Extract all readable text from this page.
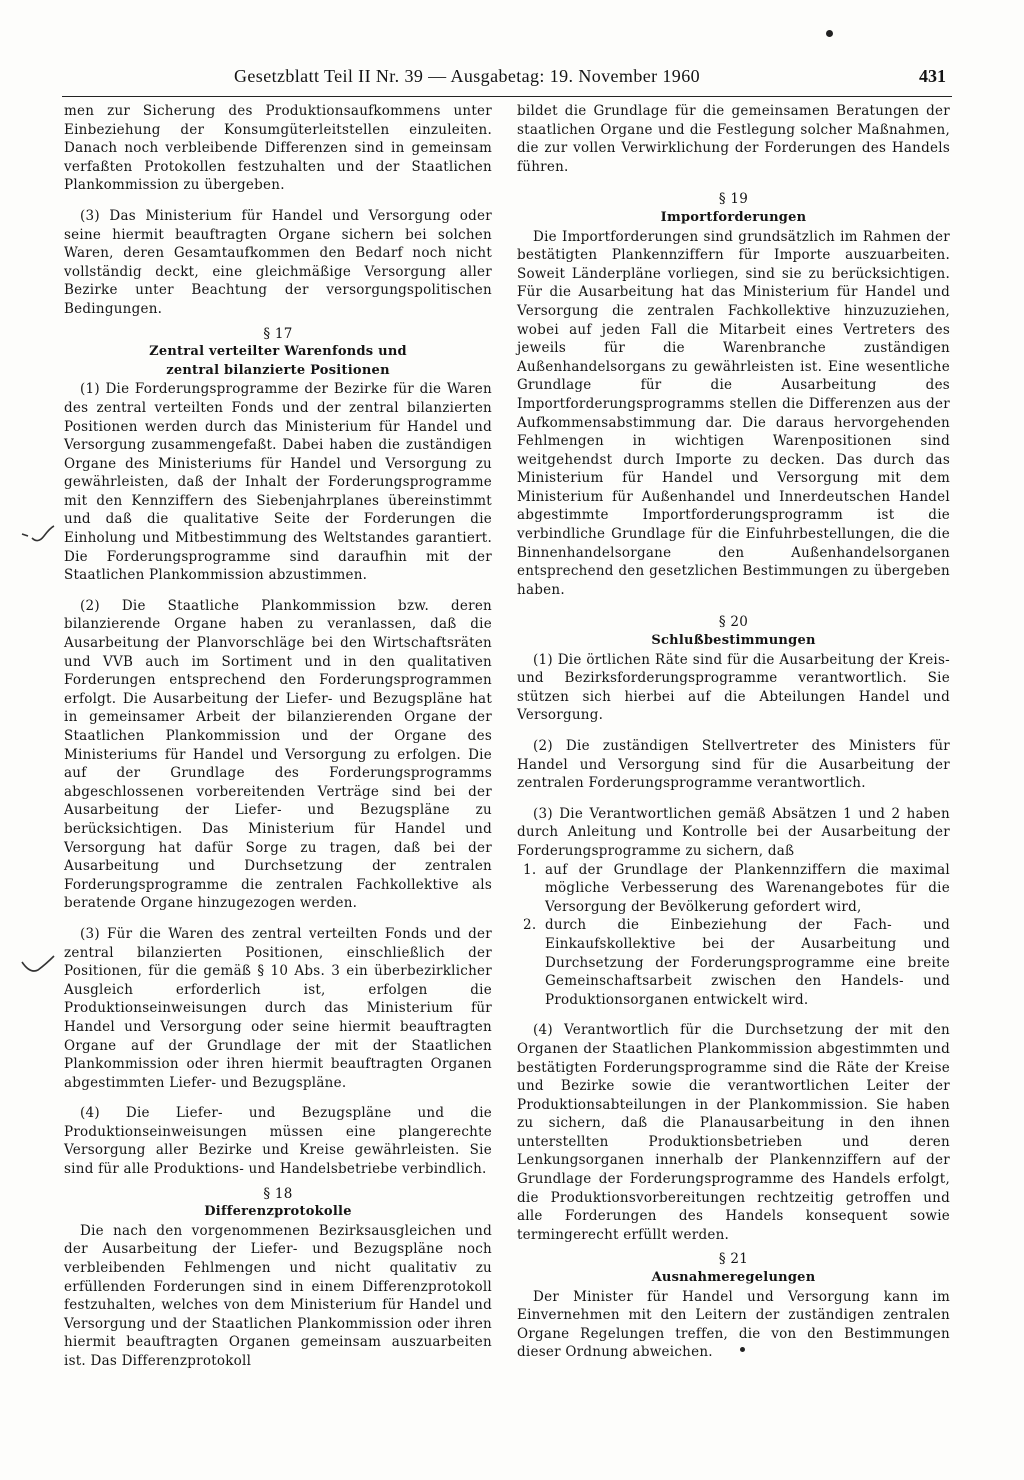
Gesetzblatt Teil II Nr. 39 — Ausgabetag: 19. November 1960	431

men zur Sicherung des Produktionsaufkommens unter Einbeziehung der Konsumgüterleitstellen einzuleiten. Danach noch verbleibende Differenzen sind in gemeinsam verfaßten Protokollen festzuhalten und der Staatlichen Plankommission zu übergeben.

(3) Das Ministerium für Handel und Versorgung oder seine hiermit beauftragten Organe sichern bei solchen Waren, deren Gesamtaufkommen den Bedarf noch nicht vollständig deckt, eine gleichmäßige Versorgung aller Bezirke unter Beachtung der versorgungspolitischen Bedingungen.

§ 17
Zentral verteilter Warenfonds und
zentral bilanzierte Positionen

(1) Die Forderungsprogramme der Bezirke für die Waren des zentral verteilten Fonds und der zentral bilanzierten Positionen werden durch das Ministerium für Handel und Versorgung zusammengefaßt. Dabei haben die zuständigen Organe des Ministeriums für Handel und Versorgung zu gewährleisten, daß der Inhalt der Forderungsprogramme mit den Kennziffern des Siebenjahrplanes übereinstimmt und daß die qualitative Seite der Forderungen die Einholung und Mitbestimmung des Weltstandes garantiert. Die Forderungsprogramme sind daraufhin mit der Staatlichen Plankommission abzustimmen.

(2) Die Staatliche Plankommission bzw. deren bilanzierende Organe haben zu veranlassen, daß die Ausarbeitung der Planvorschläge bei den Wirtschaftsräten und VVB auch im Sortiment und in den qualitativen Forderungen entsprechend den Forderungsprogrammen erfolgt. Die Ausarbeitung der Liefer- und Bezugspläne hat in gemeinsamer Arbeit der bilanzierenden Organe der Staatlichen Plankommission und der Organe des Ministeriums für Handel und Versorgung zu erfolgen. Die auf der Grundlage des Forderungsprogramms abgeschlossenen vorbereitenden Verträge sind bei der Ausarbeitung der Liefer- und Bezugspläne zu berücksichtigen. Das Ministerium für Handel und Versorgung hat dafür Sorge zu tragen, daß bei der Ausarbeitung und Durchsetzung der zentralen Forderungsprogramme die zentralen Fachkollektive als beratende Organe hinzugezogen werden.

(3) Für die Waren des zentral verteilten Fonds und der zentral bilanzierten Positionen, einschließlich der Positionen, für die gemäß § 10 Abs. 3 ein überbezirklicher Ausgleich erforderlich ist, erfolgen die Produktionseinweisungen durch das Ministerium für Handel und Versorgung oder seine hiermit beauftragten Organe auf der Grundlage der mit der Staatlichen Plankommission oder ihren hiermit beauftragten Organen abgestimmten Liefer- und Bezugspläne.

(4) Die Liefer- und Bezugspläne und die Produktionseinweisungen müssen eine plangerechte Versorgung aller Bezirke und Kreise gewährleisten. Sie sind für alle Produktions- und Handelsbetriebe verbindlich.

§ 18
Differenzprotokolle

Die nach den vorgenommenen Bezirksausgleichen und der Ausarbeitung der Liefer- und Bezugspläne noch verbleibenden Fehlmengen und nicht qualitativ zu erfüllenden Forderungen sind in einem Differenzprotokoll festzuhalten, welches von dem Ministerium für Handel und Versorgung und der Staatlichen Plankommission oder ihren hiermit beauftragten Organen gemeinsam auszuarbeiten ist. Das Differenzprotokoll

bildet die Grundlage für die gemeinsamen Beratungen der staatlichen Organe und die Festlegung solcher Maßnahmen, die zur vollen Verwirklichung der Forderungen des Handels führen.

§ 19
Importforderungen

Die Importforderungen sind grundsätzlich im Rahmen der bestätigten Plankennziffern für Importe auszuarbeiten. Soweit Länderpläne vorliegen, sind sie zu berücksichtigen. Für die Ausarbeitung hat das Ministerium für Handel und Versorgung die zentralen Fachkollektive hinzuzuziehen, wobei auf jeden Fall die Mitarbeit eines Vertreters des jeweils für die Warenbranche zuständigen Außenhandelsorgans zu gewährleisten ist. Eine wesentliche Grundlage für die Ausarbeitung des Importforderungsprogramms stellen die Differenzen aus der Aufkommensabstimmung dar. Die daraus hervorgehenden Fehlmengen in wichtigen Warenpositionen sind weitgehendst durch Importe zu decken. Das durch das Ministerium für Handel und Versorgung mit dem Ministerium für Außenhandel und Innerdeutschen Handel abgestimmte Importforderungsprogramm ist die verbindliche Grundlage für die Einfuhrbestellungen, die die Binnenhandelsorgane den Außenhandelsorganen entsprechend den gesetzlichen Bestimmungen zu übergeben haben.

§ 20
Schlußbestimmungen

(1) Die örtlichen Räte sind für die Ausarbeitung der Kreis- und Bezirksforderungsprogramme verantwortlich. Sie stützen sich hierbei auf die Abteilungen Handel und Versorgung.

(2) Die zuständigen Stellvertreter des Ministers für Handel und Versorgung sind für die Ausarbeitung der zentralen Forderungsprogramme verantwortlich.

(3) Die Verantwortlichen gemäß Absätzen 1 und 2 haben durch Anleitung und Kontrolle bei der Ausarbeitung der Forderungsprogramme zu sichern, daß

1. auf der Grundlage der Plankennziffern die maximal mögliche Verbesserung des Warenangebotes für die Versorgung der Bevölkerung gefordert wird,
2. durch die Einbeziehung der Fach- und Einkaufskollektive bei der Ausarbeitung und Durchsetzung der Forderungsprogramme eine breite Gemeinschaftsarbeit zwischen den Handels- und Produktionsorganen entwickelt wird.

(4) Verantwortlich für die Durchsetzung der mit den Organen der Staatlichen Plankommission abgestimmten und bestätigten Forderungsprogramme sind die Räte der Kreise und Bezirke sowie die verantwortlichen Leiter der Produktionsabteilungen in der Plankommission. Sie haben zu sichern, daß die Planausarbeitung in den ihnen unterstellten Produktionsbetrieben und deren Lenkungsorganen innerhalb der Plankennziffern auf der Grundlage der Forderungsprogramme des Handels erfolgt, die Produktionsvorbereitungen rechtzeitig getroffen und alle Forderungen des Handels konsequent sowie termingerecht erfüllt werden.

§ 21
Ausnahmeregelungen

Der Minister für Handel und Versorgung kann im Einvernehmen mit den Leitern der zuständigen zentralen Organe Regelungen treffen, die von den Bestimmungen dieser Ordnung abweichen.
